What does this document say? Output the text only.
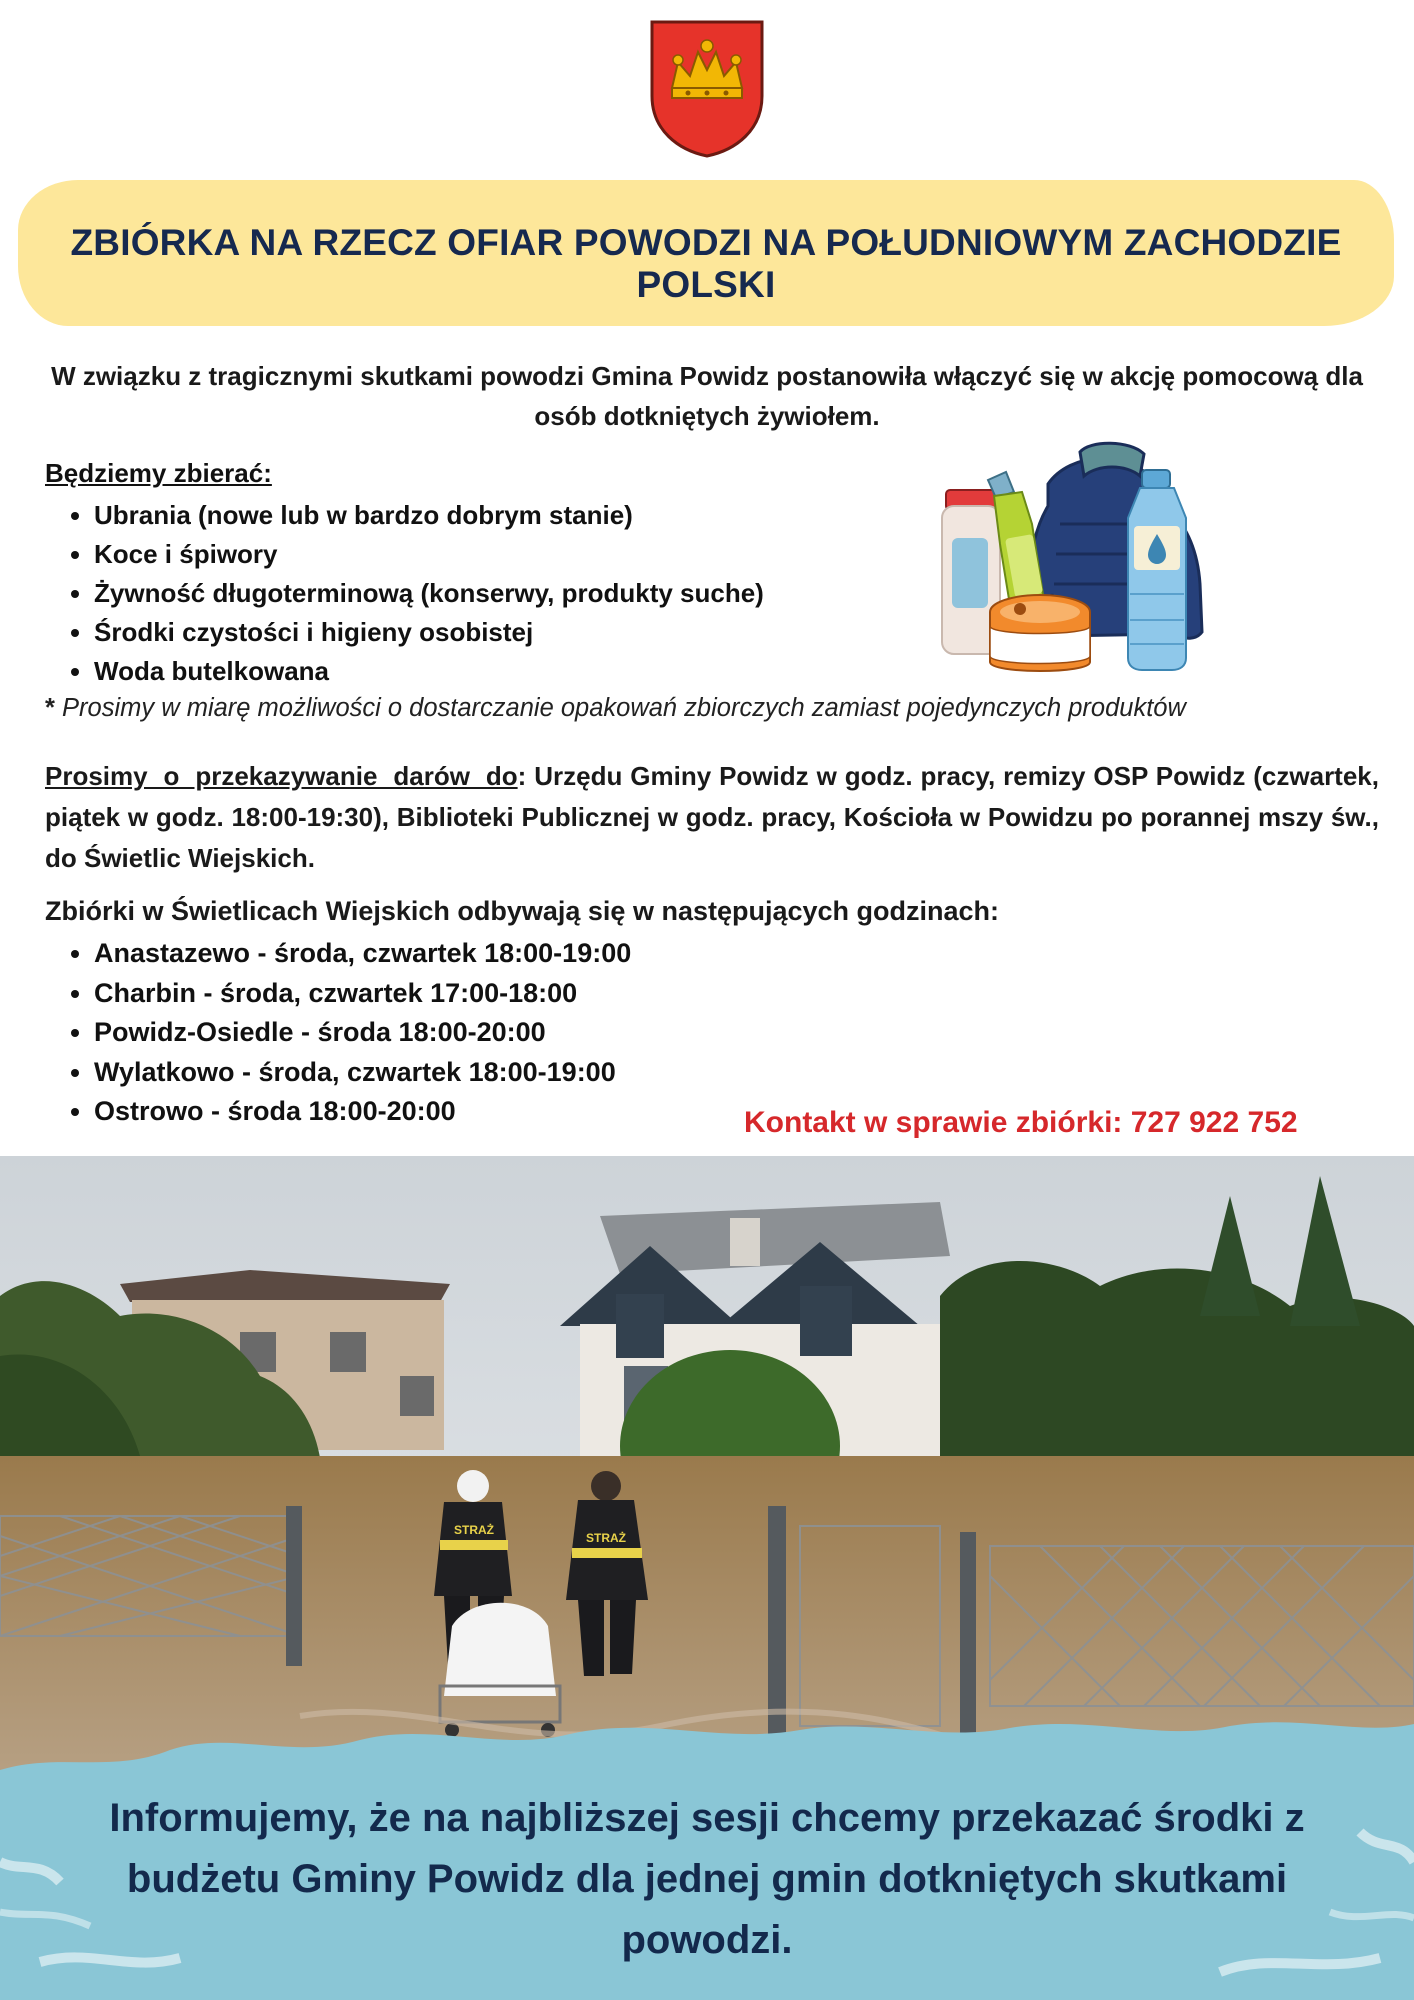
ZBIÓRKA NA RZECZ OFIAR POWODZI NA POŁUDNIOWYM ZACHODZIE POLSKI
W związku z tragicznymi skutkami powodzi Gmina Powidz postanowiła włączyć się w akcję pomocową dla osób dotkniętych żywiołem.
Będziemy zbierać:
• Ubrania (nowe lub w bardzo dobrym stanie)
• Koce i śpiwory
• Żywność długoterminową (konserwy, produkty suche)
• Środki czystości i higieny osobistej
• Woda butelkowana
* Prosimy w miarę możliwości o dostarczanie opakowań zbiorczych zamiast pojedynczych produktów
Prosimy o przekazywanie darów do: Urzędu Gminy Powidz w godz. pracy, remizy OSP Powidz (czwartek, piątek w godz. 18:00-19:30), Biblioteki Publicznej w godz. pracy, Kościoła w Powidzu po porannej mszy św., do Świetlic Wiejskich.
Zbiórki w Świetlicach Wiejskich odbywają się w następujących godzinach:
• Anastazewo - środa, czwartek 18:00-19:00
• Charbin - środa, czwartek 17:00-18:00
• Powidz-Osiedle - środa 18:00-20:00
• Wylatkowo - środa, czwartek 18:00-19:00
• Ostrowo - środa 18:00-20:00	Kontakt w sprawie zbiórki: 727 922 752
STRAŻ
STRAŻ
Informujemy, że na najbliższej sesji chcemy przekazać środki z budżetu Gminy Powidz dla jednej gmin dotkniętych skutkami powodzi.
